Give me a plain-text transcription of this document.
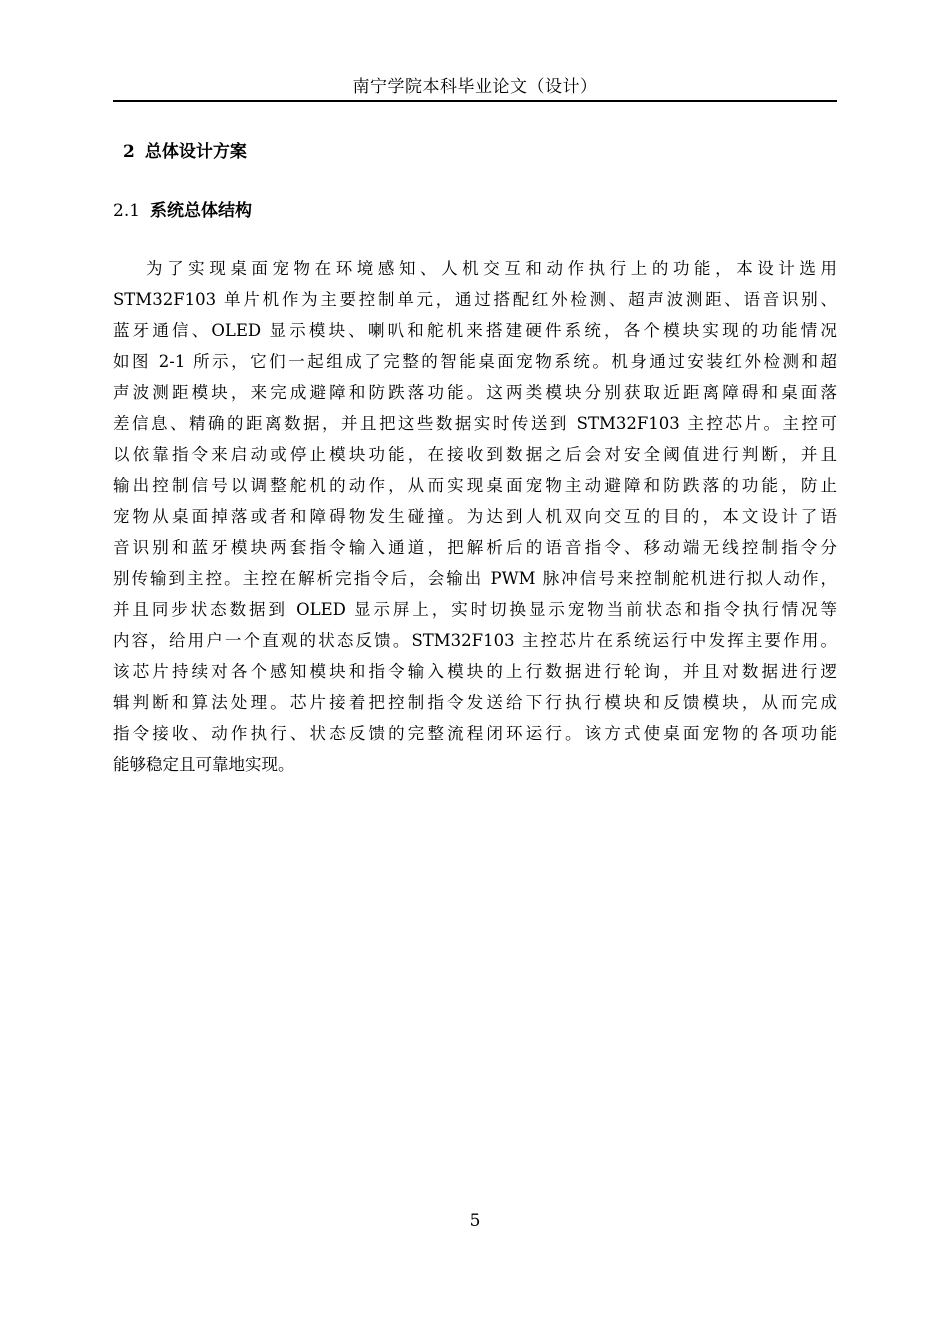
南宁学院本科毕业论文（设计）
2 总体设计方案
2.1 系统总体结构
为了实现桌面宠物在环境感知、人机交互和动作执行上的功能，本设计选用
STM32F103 单片机作为主要控制单元，通过搭配红外检测、超声波测距、语音识别、
蓝牙通信、OLED 显示模块、喇叭和舵机来搭建硬件系统，各个模块实现的功能情况
如图 2-1 所示，它们一起组成了完整的智能桌面宠物系统。机身通过安装红外检测和超
声波测距模块，来完成避障和防跌落功能。这两类模块分别获取近距离障碍和桌面落
差信息、精确的距离数据，并且把这些数据实时传送到 STM32F103 主控芯片。主控可
以依靠指令来启动或停止模块功能，在接收到数据之后会对安全阈值进行判断，并且
输出控制信号以调整舵机的动作，从而实现桌面宠物主动避障和防跌落的功能，防止
宠物从桌面掉落或者和障碍物发生碰撞。为达到人机双向交互的目的，本文设计了语
音识别和蓝牙模块两套指令输入通道，把解析后的语音指令、移动端无线控制指令分
别传输到主控。主控在解析完指令后，会输出 PWM 脉冲信号来控制舵机进行拟人动作，
并且同步状态数据到 OLED 显示屏上，实时切换显示宠物当前状态和指令执行情况等
内容，给用户一个直观的状态反馈。STM32F103 主控芯片在系统运行中发挥主要作用。
该芯片持续对各个感知模块和指令输入模块的上行数据进行轮询，并且对数据进行逻
辑判断和算法处理。芯片接着把控制指令发送给下行执行模块和反馈模块，从而完成
指令接收、动作执行、状态反馈的完整流程闭环运行。该方式使桌面宠物的各项功能
能够稳定且可靠地实现。
5
